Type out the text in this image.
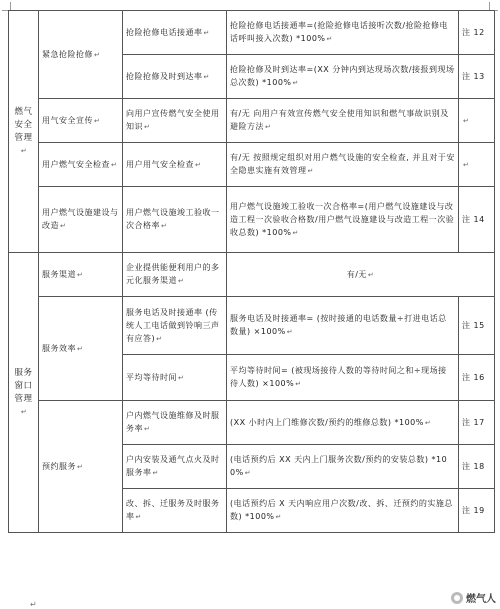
燃气安全管理↵	紧急抢险抢修↵	抢险抢修电话接通率↵	抢险抢修电话接通率=(抢险抢修电话接听次数/抢险抢修电话呼叫接入次数) *100%↵	注 12
		抢险抢修及时到达率↵	抢险抢修及时到达率=(XX 分钟内到达现场次数/接报到现场总次数) *100%↵	注 13
	用气安全宣传↵	向用户宣传燃气安全使用知识↵	有/无 向用户有效宣传燃气安全使用知识和燃气事故识别及避险方法↵	↵
	用户燃气安全检查↵	用户用气安全检查↵	有/无 按照规定组织对用户燃气设施的安全检查, 并且对于安全隐患实施有效管理↵	↵
	用户燃气设施建设与改造↵	用户燃气设施竣工验收一次合格率↵	用户燃气设施竣工验收一次合格率=(用户燃气设施建设与改造工程一次验收合格数/用户燃气设施建设与改造工程一次验收总数) *100%↵	注 14
服务窗口管理↵	服务渠道↵	企业提供能便利用户的多元化服务渠道↵	有/无↵	
	服务效率↵	服务电话及时接通率 (传统人工电话做到铃响三声有应答)↵	服务电话及时接通率= (按时接通的电话数量÷打进电话总数量) ×100%↵	注 15
		平均等待时间↵	平均等待时间= (被现场接待人数的等待时间之和÷现场接待人数) ×100%↵	注 16
	预约服务↵	户内燃气设施维修及时服务率↵	(XX 小时内上门维修次数/预约的维修总数) *100%↵	注 17
		户内安装及通气点火及时服务率↵	(电话预约后 XX 天内上门服务次数/预约的安装总数) *100%↵	注 18
		改、拆、迁服务及时服务率↵	(电话预约后 X 天内响应用户次数/改、拆、迁预约的实施总数) *100%↵	注 19
↵	燃气人
